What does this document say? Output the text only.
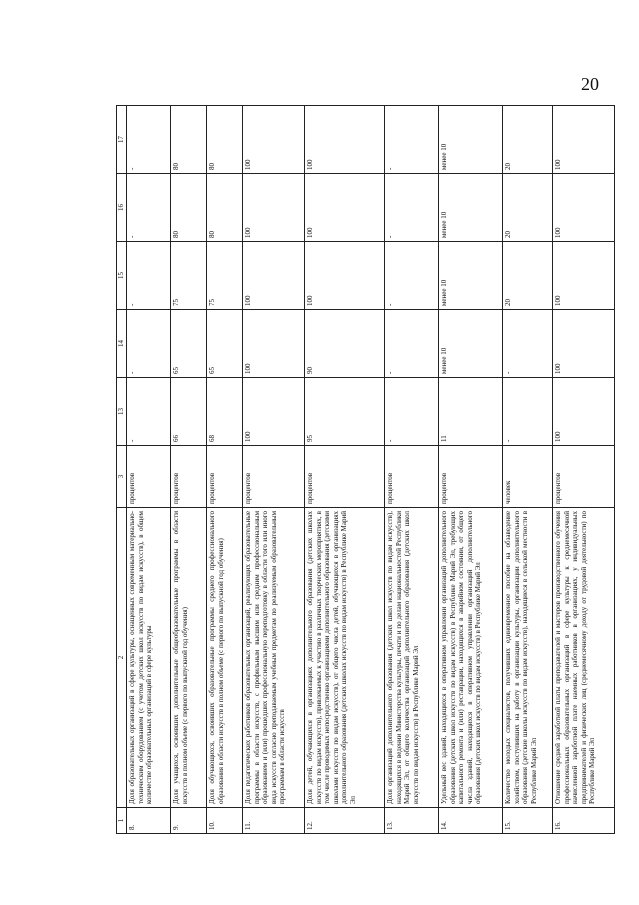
20
1	2	3	13	14	15	16	17
8.	Доля образовательных организаций в сфере культуры, оснащенных современным материально-техническим оборудованием (с учетом детских школ искусств по видам искусств), в общем количестве образовательных организаций в сфере культуры	процентов	-	-	-	-	-
9.	Доля учащихся, освоивших дополнительные общеобразовательные программы в области искусств в полном объеме (с первого по выпускной год обучения)	процентов	66	65	75	80	80
10.	Доля обучающихся, освоивших образовательные программы среднего профессионального образования в области искусств в полном объеме (с первого по выпускной год обучения)	процентов	68	65	75	80	80
11.	Доля педагогических работников образовательных организаций, реализующих образовательные программы в области искусств, с профильным высшим или средним профессиональным образованием и (или) прошедших профессиональную переподготовку в области того или иного вида искусств согласно преподаваемым учебным предметам по реализуемым образовательным программам в области искусств	процентов	100	100	100	100	100
12.	Доля детей, обучающихся в организациях дополнительного образования (детских школах искусств по видам искусств), привлекаемых к участию в различных творческих мероприятиях, в том числе проводимых непосредственно организациями дополнительного образования (детскими школами искусств по видам искусств), от общего числа детей, обучающихся в организациях дополнительного образования (детских школах искусств по видам искусств) в Республике Марий Эл	процентов	95	90	100	100	100
13.	Доля организаций дополнительного образования (детских школ искусств по видам искусств), находящихся в ведении Министерства культуры, печати и по делам национальностей Республики Марий Эл, от общего количества организаций дополнительного образования (детских школ искусств по видам искусств) в Республике Марий Эл	процентов	-	-	-	-	-
14.	Удельный вес зданий, находящихся в оперативном управлении организаций дополнительного образования (детских школ искусств по видам искусств) в Республике Марий Эл, требующих капитального ремонта и (или) реставрации, находящихся в аварийном состоянии, от общего числа зданий, находящихся в оперативном управлении организаций дополнительного образования (детских школ искусств по видам искусств) в Республике Марий Эл	процентов	11	менее 10	менее 10	менее 10	менее 10
15.	Количество молодых специалистов, получивших единовременное пособие на обзаведение хозяйством, поступивших на работу в организации культуры, организации дополнительного образования (детские школы искусств по видам искусств), находящиеся в сельской местности в Республике Марий Эл	человек	-	-	20	20	20
16.	Отношение средней заработной платы преподавателей и мастеров производственного обучения профессиональных образовательных организаций в сфере культуры к среднемесячной начисленной заработной плате наемных работников в организациях, у индивидуальных предпринимателей и физических лиц (среднемесячному доходу от трудовой деятельности) по Республике Марий Эл	процентов	100	100	100	100	100
